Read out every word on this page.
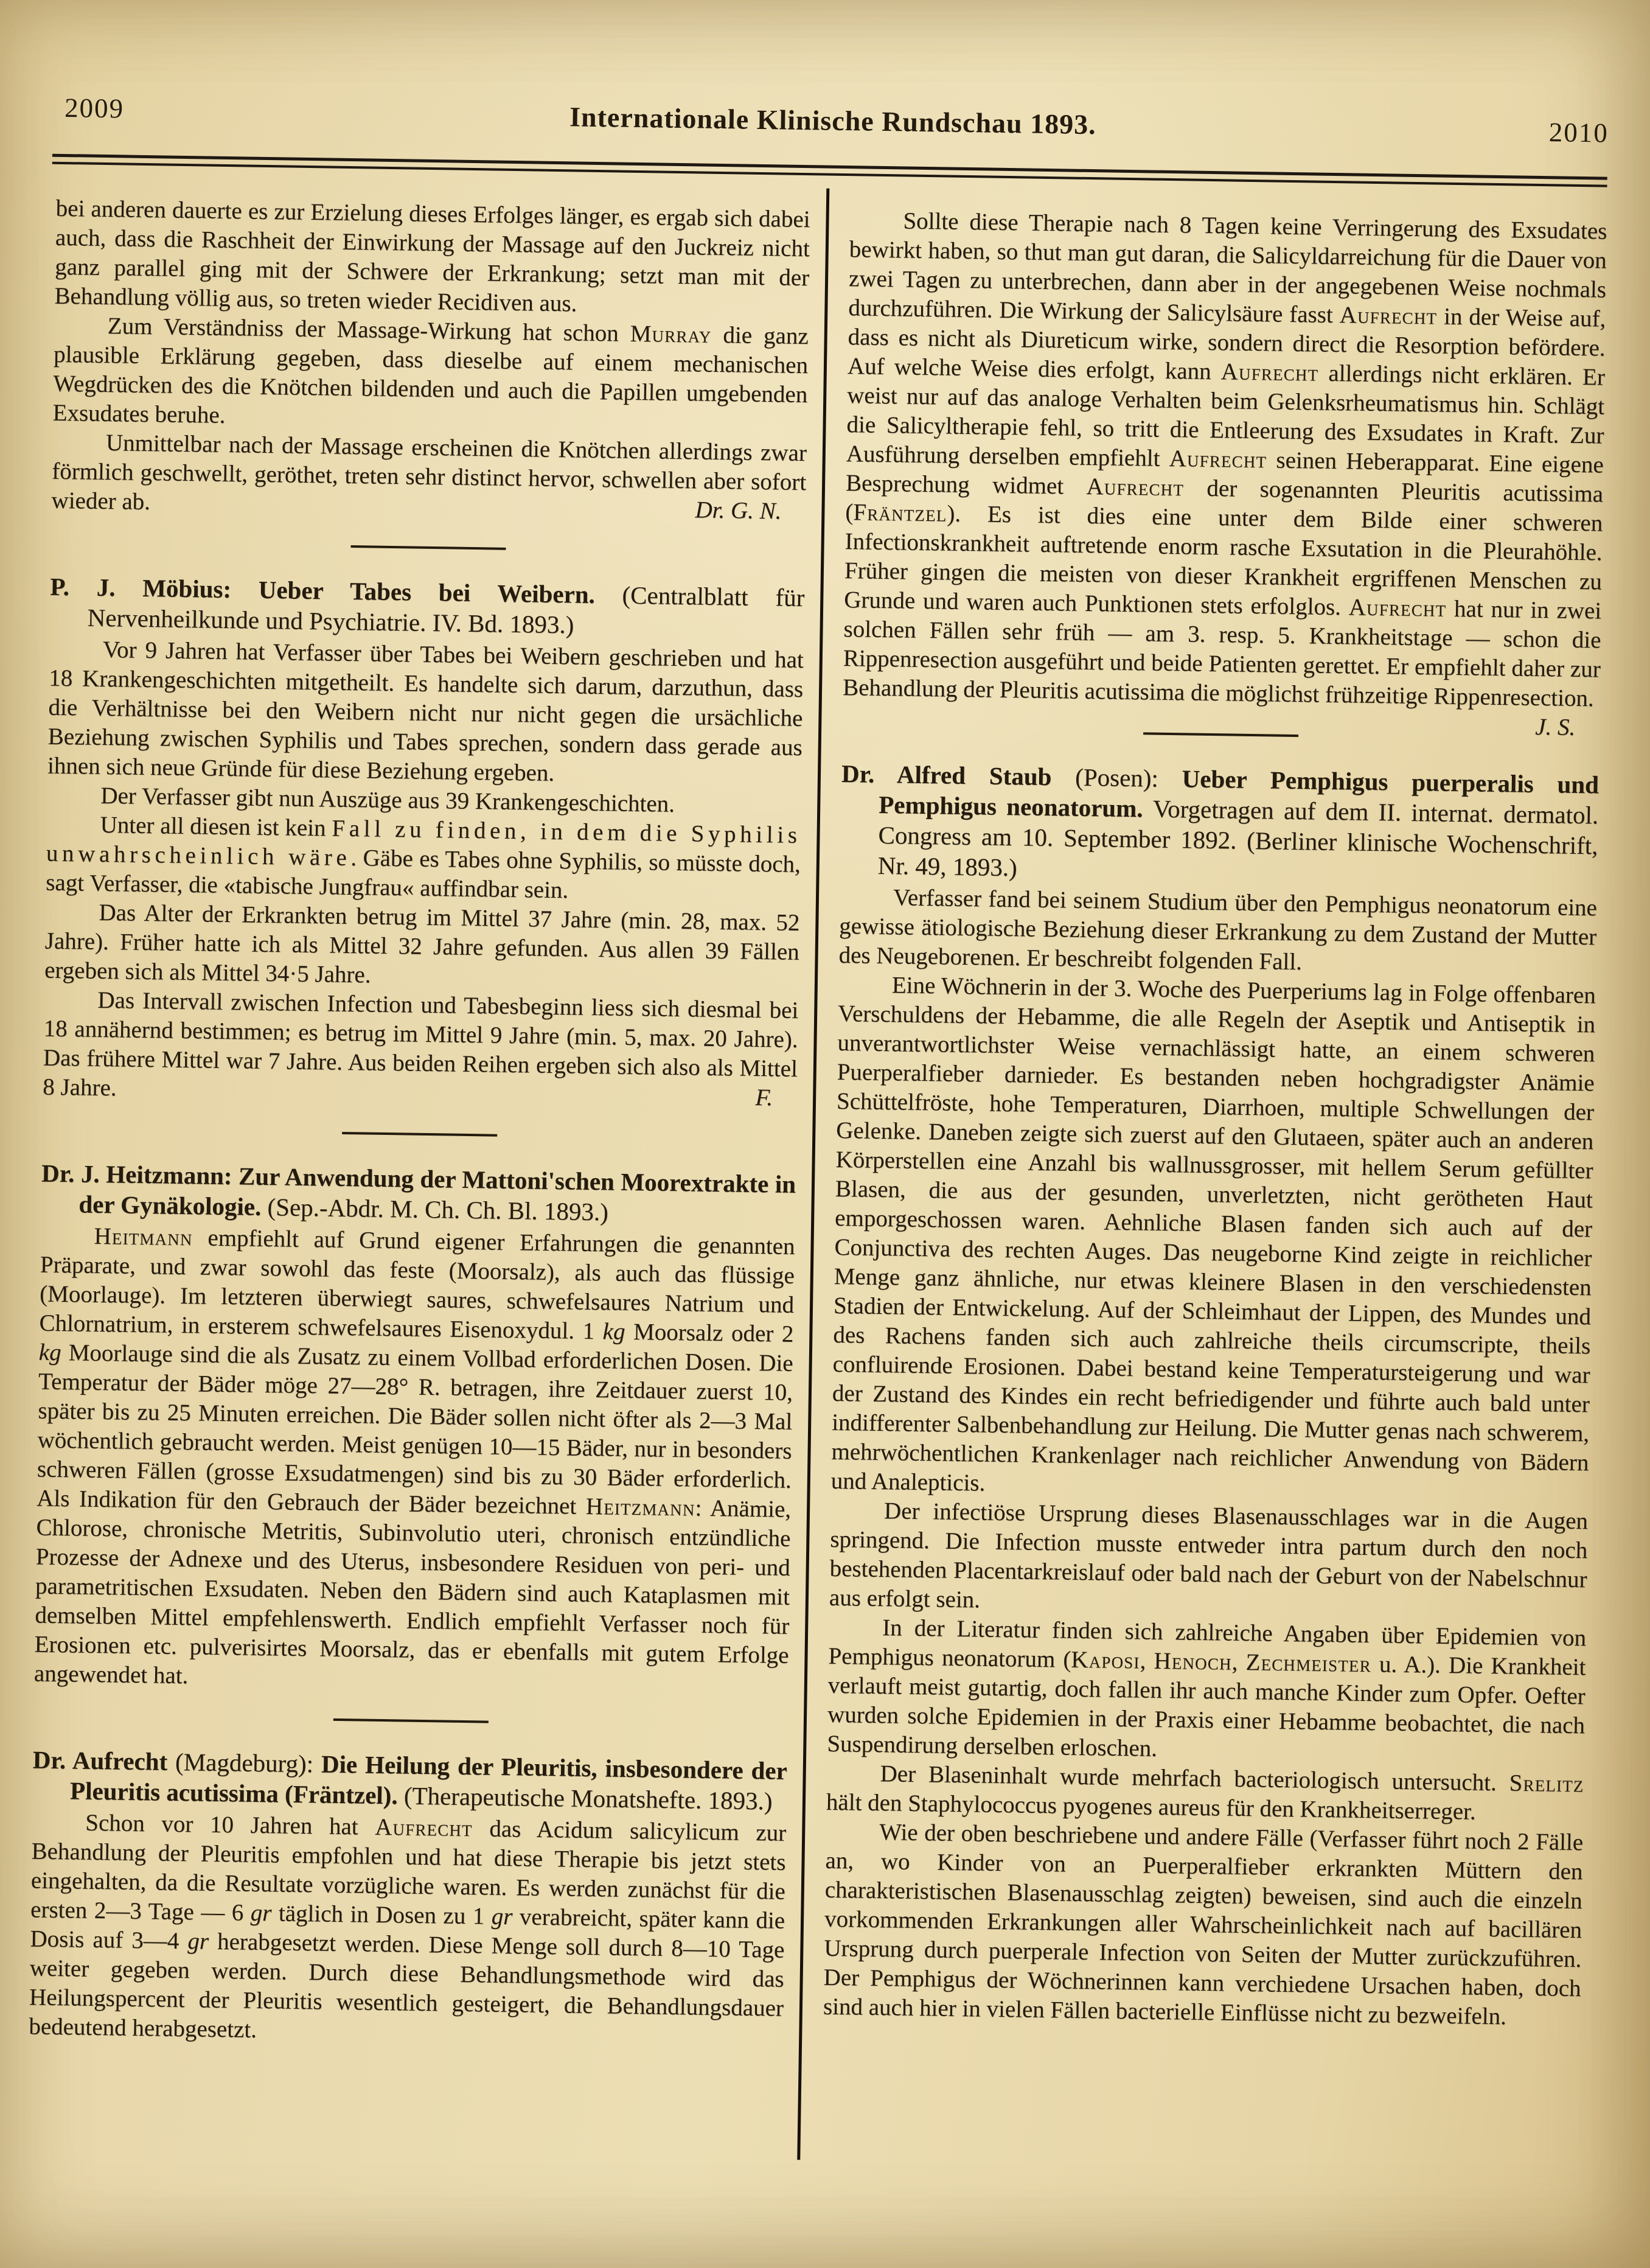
2009	Internationale Klinische Rundschau 1893.	2010

bei anderen dauerte es zur Erzielung dieses Erfolges länger, es ergab sich dabei auch, dass die Raschheit der Einwirkung der Massage auf den Juckreiz nicht ganz parallel ging mit der Schwere der Erkrankung; setzt man mit der Behandlung völlig aus, so treten wieder Recidiven aus.

Zum Verständniss der Massage-Wirkung hat schon Murray die ganz plausible Erklärung gegeben, dass dieselbe auf einem mechanischen Wegdrücken des die Knötchen bildenden und auch die Papillen umgebenden Exsudates beruhe.

Unmittelbar nach der Massage erscheinen die Knötchen allerdings zwar förmlich geschwellt, geröthet, treten sehr distinct hervor, schwellen aber sofort wieder ab.	Dr. G. N.

P. J. Möbius: Ueber Tabes bei Weibern. (Centralblatt für Nervenheilkunde und Psychiatrie. IV. Bd. 1893.)

Vor 9 Jahren hat Verfasser über Tabes bei Weibern geschrieben und hat 18 Krankengeschichten mitgetheilt. Es handelte sich darum, darzuthun, dass die Verhältnisse bei den Weibern nicht nur nicht gegen die ursächliche Beziehung zwischen Syphilis und Tabes sprechen, sondern dass gerade aus ihnen sich neue Gründe für diese Beziehung ergeben.

Der Verfasser gibt nun Auszüge aus 39 Krankengeschichten.

Unter all diesen ist kein Fall zu finden, in dem die Syphilis unwahrscheinlich wäre. Gäbe es Tabes ohne Syphilis, so müsste doch, sagt Verfasser, die «tabische Jungfrau« auffindbar sein.

Das Alter der Erkrankten betrug im Mittel 37 Jahre (min. 28, max. 52 Jahre). Früher hatte ich als Mittel 32 Jahre gefunden. Aus allen 39 Fällen ergeben sich als Mittel 34·5 Jahre.

Das Intervall zwischen Infection und Tabesbeginn liess sich diesmal bei 18 annähernd bestimmen; es betrug im Mittel 9 Jahre (min. 5, max. 20 Jahre). Das frühere Mittel war 7 Jahre. Aus beiden Reihen ergeben sich also als Mittel 8 Jahre.	F.

Dr. J. Heitzmann: Zur Anwendung der Mattoni'schen Moorextrakte in der Gynäkologie. (Sep.-Abdr. M. Ch. Ch. Bl. 1893.)

Heitmann empfiehlt auf Grund eigener Erfahrungen die genannten Präparate, und zwar sowohl das feste (Moorsalz), als auch das flüssige (Moorlauge). Im letzteren überwiegt saures, schwefelsaures Natrium und Chlornatrium, in ersterem schwefelsaures Eisenoxydul. 1 kg Moorsalz oder 2 kg Moorlauge sind die als Zusatz zu einem Vollbad erforderlichen Dosen. Die Temperatur der Bäder möge 27—28° R. betragen, ihre Zeitdauer zuerst 10, später bis zu 25 Minuten erreichen. Die Bäder sollen nicht öfter als 2—3 Mal wöchentlich gebraucht werden. Meist genügen 10—15 Bäder, nur in besonders schweren Fällen (grosse Exsudatmengen) sind bis zu 30 Bäder erforderlich. Als Indikation für den Gebrauch der Bäder bezeichnet Heitzmann: Anämie, Chlorose, chronische Metritis, Subinvolutio uteri, chronisch entzündliche Prozesse der Adnexe und des Uterus, insbesondere Residuen von peri- und parametritischen Exsudaten. Neben den Bädern sind auch Kataplasmen mit demselben Mittel empfehlenswerth. Endlich empfiehlt Verfasser noch für Erosionen etc. pulverisirtes Moorsalz, das er ebenfalls mit gutem Erfolge angewendet hat.

Dr. Aufrecht (Magdeburg): Die Heilung der Pleuritis, insbesondere der Pleuritis acutissima (Fräntzel). (Therapeutische Monatshefte. 1893.)

Schon vor 10 Jahren hat Aufrecht das Acidum salicylicum zur Behandlung der Pleuritis empfohlen und hat diese Therapie bis jetzt stets eingehalten, da die Resultate vorzügliche waren. Es werden zunächst für die ersten 2—3 Tage — 6 gr täglich in Dosen zu 1 gr verabreicht, später kann die Dosis auf 3—4 gr herabgesetzt werden. Diese Menge soll durch 8—10 Tage weiter gegeben werden. Durch diese Behandlungsmethode wird das Heilungspercent der Pleuritis wesentlich gesteigert, die Behandlungsdauer bedeutend herabgesetzt.

Sollte diese Therapie nach 8 Tagen keine Verringerung des Exsudates bewirkt haben, so thut man gut daran, die Salicyldarreichung für die Dauer von zwei Tagen zu unterbrechen, dann aber in der angegebenen Weise nochmals durchzuführen. Die Wirkung der Salicylsäure fasst Aufrecht in der Weise auf, dass es nicht als Diureticum wirke, sondern direct die Resorption befördere. Auf welche Weise dies erfolgt, kann Aufrecht allerdings nicht erklären. Er weist nur auf das analoge Verhalten beim Gelenksrheumatismus hin. Schlägt die Salicyltherapie fehl, so tritt die Entleerung des Exsudates in Kraft. Zur Ausführung derselben empfiehlt Aufrecht seinen Heberapparat. Eine eigene Besprechung widmet Aufrecht der sogenannten Pleuritis acutissima (Fräntzel). Es ist dies eine unter dem Bilde einer schweren Infectionskrankheit auftretende enorm rasche Exsutation in die Pleurahöhle. Früher gingen die meisten von dieser Krankheit ergriffenen Menschen zu Grunde und waren auch Punktionen stets erfolglos. Aufrecht hat nur in zwei solchen Fällen sehr früh — am 3. resp. 5. Krankheitstage — schon die Rippenresection ausgeführt und beide Patienten gerettet. Er empfiehlt daher zur Behandlung der Pleuritis acutissima die möglichst frühzeitige Rippenresection.
J. S.

Dr. Alfred Staub (Posen): Ueber Pemphigus puerperalis und Pemphigus neonatorum. Vorgetragen auf dem II. internat. dermatol. Congress am 10. September 1892. (Berliner klinische Wochenschrift, Nr. 49, 1893.)

Verfasser fand bei seinem Studium über den Pemphigus neonatorum eine gewisse ätiologische Beziehung dieser Erkrankung zu dem Zustand der Mutter des Neugeborenen. Er beschreibt folgenden Fall.

Eine Wöchnerin in der 3. Woche des Puerperiums lag in Folge offenbaren Verschuldens der Hebamme, die alle Regeln der Aseptik und Antiseptik in unverantwortlichster Weise vernachlässigt hatte, an einem schweren Puerperalfieber darnieder. Es bestanden neben hochgradigster Anämie Schüttelfröste, hohe Temperaturen, Diarrhoen, multiple Schwellungen der Gelenke. Daneben zeigte sich zuerst auf den Glutaeen, später auch an anderen Körperstellen eine Anzahl bis wallnussgrosser, mit hellem Serum gefüllter Blasen, die aus der gesunden, unverletzten, nicht gerötheten Haut emporgeschossen waren. Aehnliche Blasen fanden sich auch auf der Conjunctiva des rechten Auges. Das neugeborne Kind zeigte in reichlicher Menge ganz ähnliche, nur etwas kleinere Blasen in den verschiedensten Stadien der Entwickelung. Auf der Schleimhaut der Lippen, des Mundes und des Rachens fanden sich auch zahlreiche theils circumscripte, theils confluirende Erosionen. Dabei bestand keine Temperatursteigerung und war der Zustand des Kindes ein recht befriedigender und führte auch bald unter indifferenter Salbenbehandlung zur Heilung. Die Mutter genas nach schwerem, mehrwöchentlichen Krankenlager nach reichlicher Anwendung von Bädern und Analepticis.

Der infectiöse Ursprung dieses Blasenausschlages war in die Augen springend. Die Infection musste entweder intra partum durch den noch bestehenden Placentarkreislauf oder bald nach der Geburt von der Nabelschnur aus erfolgt sein.

In der Literatur finden sich zahlreiche Angaben über Epidemien von Pemphigus neonatorum (Kaposi, Henoch, Zechmeister u. A.). Die Krankheit verlauft meist gutartig, doch fallen ihr auch manche Kinder zum Opfer. Oefter wurden solche Epidemien in der Praxis einer Hebamme beobachtet, die nach Suspendirung derselben erloschen.

Der Blaseninhalt wurde mehrfach bacteriologisch untersucht. Srelitz hält den Staphylococcus pyogenes aureus für den Krankheitserreger.

Wie der oben beschriebene und andere Fälle (Verfasser führt noch 2 Fälle an, wo Kinder von an Puerperalfieber erkrankten Müttern den charakteristischen Blasenausschlag zeigten) beweisen, sind auch die einzeln vorkommenden Erkrankungen aller Wahrscheinlichkeit nach auf bacillären Ursprung durch puerperale Infection von Seiten der Mutter zurückzuführen. Der Pemphigus der Wöchnerinnen kann verchiedene Ursachen haben, doch sind auch hier in vielen Fällen bacterielle Einflüsse nicht zu bezweifeln.
